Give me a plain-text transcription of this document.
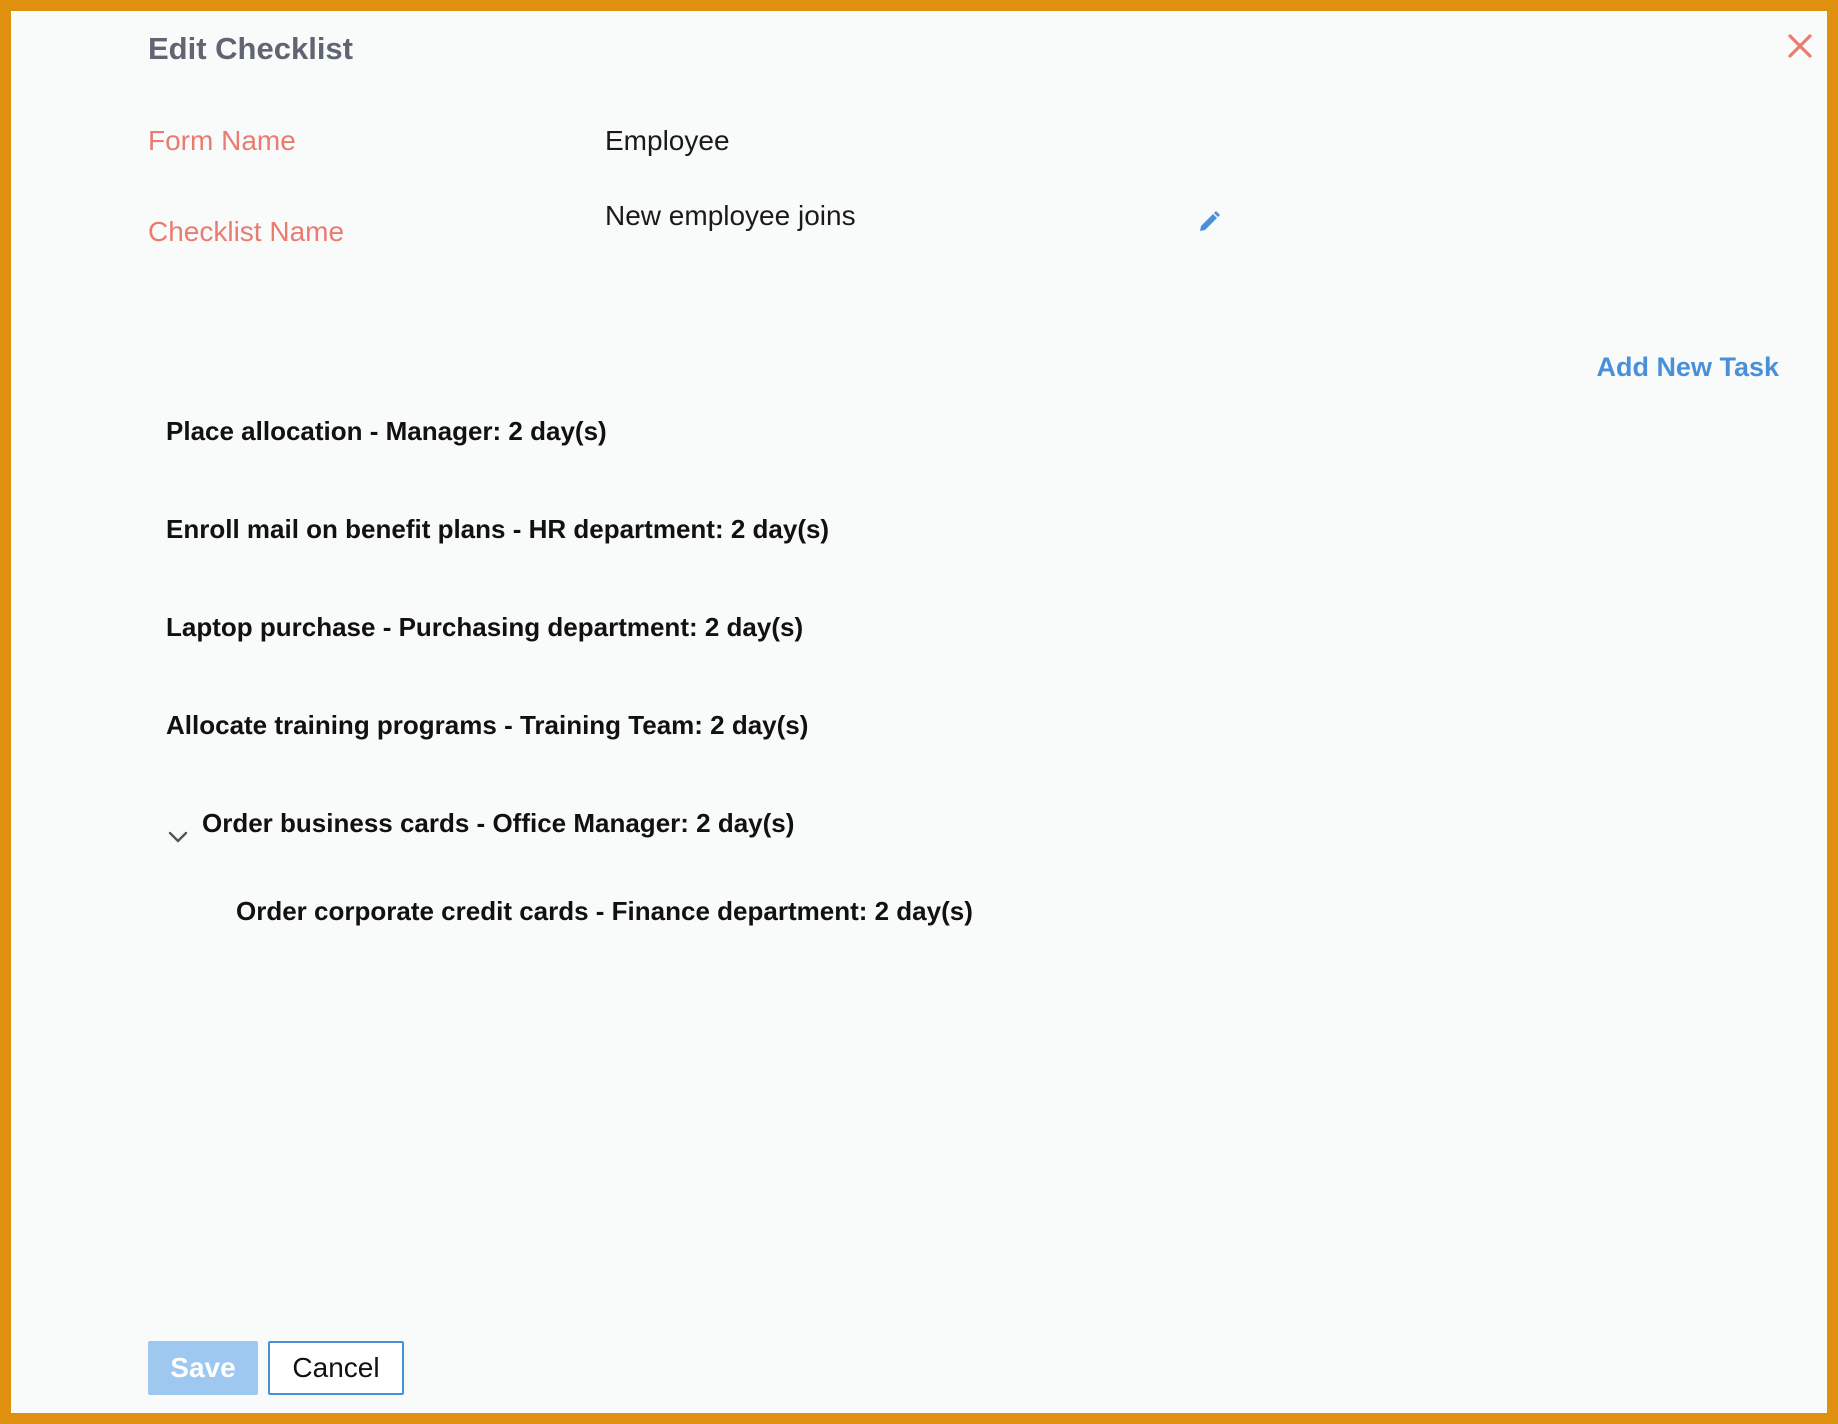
Edit Checklist
Form Name	Employee
Checklist Name
New employee joins
Add New Task
Place allocation - Manager: 2 day(s)
Enroll mail on benefit plans - HR department: 2 day(s)
Laptop purchase - Purchasing department: 2 day(s)
Allocate training programs - Training Team: 2 day(s)
Order business cards - Office Manager: 2 day(s)
Order corporate credit cards - Finance department: 2 day(s)
Save	Cancel
